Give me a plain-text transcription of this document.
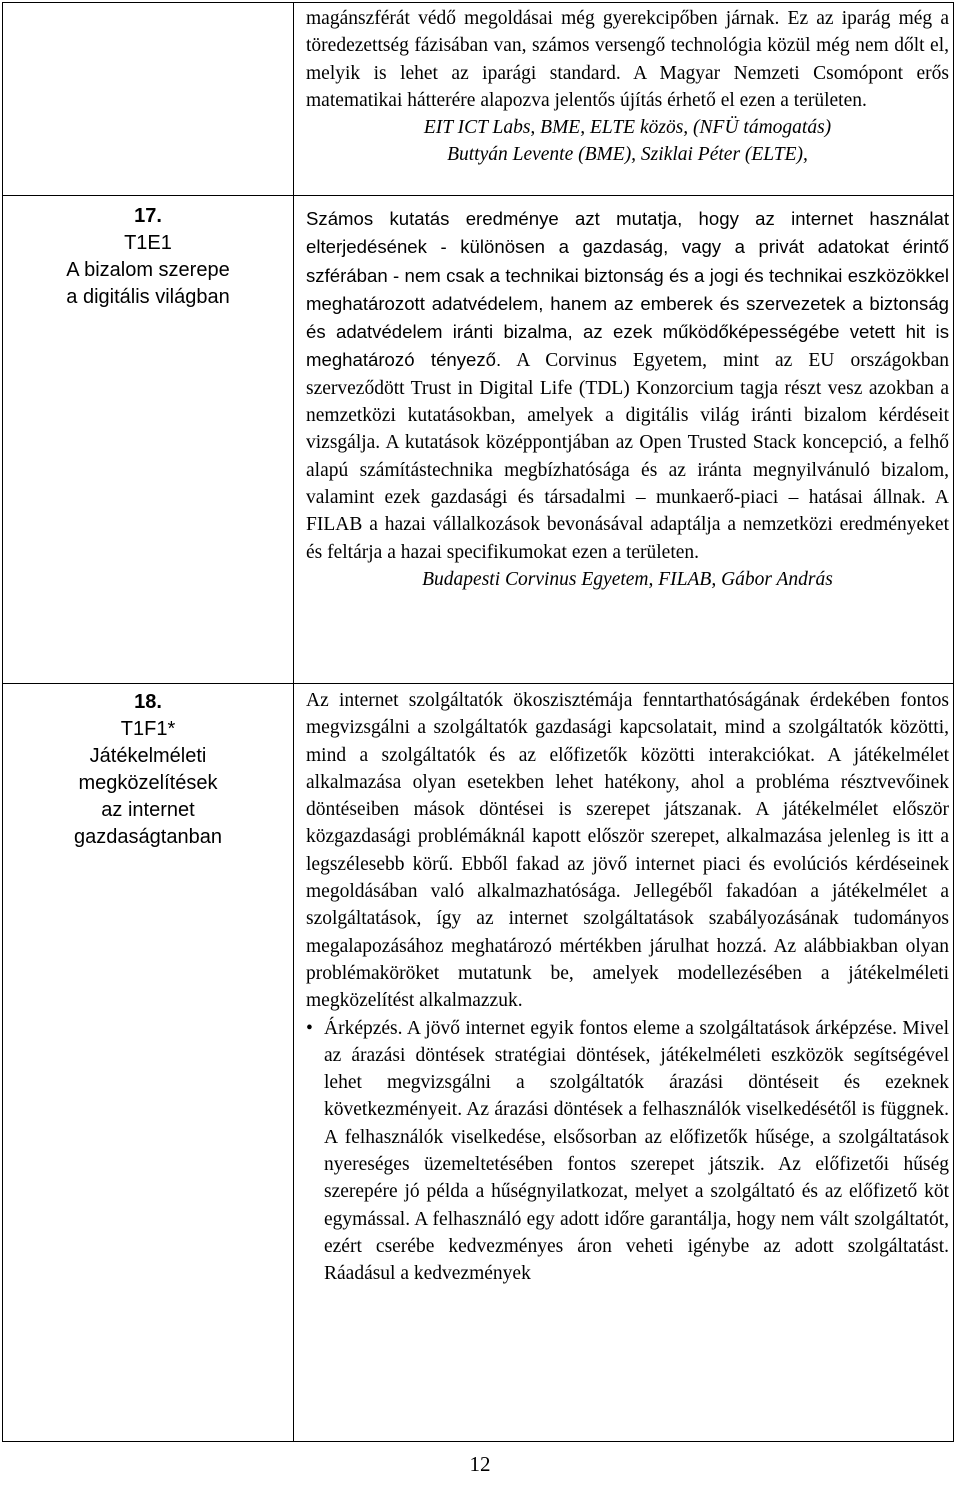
17.
T1E1
A bizalom szerepe
a digitális világban
18.
T1F1*
Játékelméleti
megközelítések
az internet
gazdaságtanban

magánszférát védő megoldásai még gyerekcipőben járnak. Ez az iparág még a töredezettség fázisában van, számos versengő technológia közül még nem dőlt el, melyik is lehet az iparági standard. A Magyar Nemzeti Csomópont erős matematikai hátterére alapozva jelentős újítás érhető el ezen a területen.

EIT ICT Labs, BME, ELTE közös, (NFÜ támogatás)
Buttyán Levente (BME), Sziklai Péter (ELTE),

Számos kutatás eredménye azt mutatja, hogy az internet használat elterjedésének - különösen a gazdaság, vagy a privát adatokat érintő szférában - nem csak a technikai biztonság és a jogi és technikai eszközökkel meghatározott adatvédelem, hanem az emberek és szervezetek a biztonság és adatvédelem iránti bizalma, az ezek működőképességébe vetett hit is meghatározó tényező. A Corvinus Egyetem, mint az EU országokban szerveződött Trust in Digital Life (TDL) Konzorcium tagja részt vesz azokban a nemzetközi kutatásokban, amelyek a digitális világ iránti bizalom kérdéseit vizsgálja. A kutatások középpontjában az Open Trusted Stack koncepció, a felhő alapú számítástechnika megbízhatósága és az iránta megnyilvánuló bizalom, valamint ezek gazdasági és társadalmi – munkaerő-piaci – hatásai állnak. A FILAB a hazai vállalkozások bevonásával adaptálja a nemzetközi eredményeket és feltárja a hazai specifikumokat ezen a területen.

Budapesti Corvinus Egyetem, FILAB, Gábor András

Az internet szolgáltatók ökoszisztémája fenntarthatóságának érdekében fontos megvizsgálni a szolgáltatók gazdasági kapcsolatait, mind a szolgáltatók közötti, mind a szolgáltatók és az előfizetők közötti interakciókat. A játékelmélet alkalmazása olyan esetekben lehet hatékony, ahol a probléma résztvevőinek döntéseiben mások döntései is szerepet játszanak. A játékelmélet először közgazdasági problémáknál kapott először szerepet, alkalmazása jelenleg is itt a legszélesebb körű. Ebből fakad az jövő internet piaci és evolúciós kérdéseinek megoldásában való alkalmazhatósága. Jellegéből fakadóan a játékelmélet a szolgáltatások, így az internet szolgáltatások szabályozásának tudományos megalapozásához meghatározó mértékben járulhat hozzá. Az alábbiakban olyan problémaköröket mutatunk be, amelyek modellezésében a játékelméleti megközelítést alkalmazzuk.

• Árképzés. A jövő internet egyik fontos eleme a szolgáltatások árképzése. Mivel az árazási döntések stratégiai döntések, játékelméleti eszközök segítségével lehet megvizsgálni a szolgáltatók árazási döntéseit és ezeknek következményeit. Az árazási döntések a felhasználók viselkedésétől is függnek. A felhasználók viselkedése, elsősorban az előfizetők hűsége, a szolgáltatások nyereséges üzemeltetésében fontos szerepet játszik. Az előfizetői hűség szerepére jó példa a hűségnyilatkozat, melyet a szolgáltató és az előfizető köt egymással. A felhasználó egy adott időre garantálja, hogy nem vált szolgáltatót, ezért cserébe kedvezményes áron veheti igénybe az adott szolgáltatást. Ráadásul a kedvezmények
12
